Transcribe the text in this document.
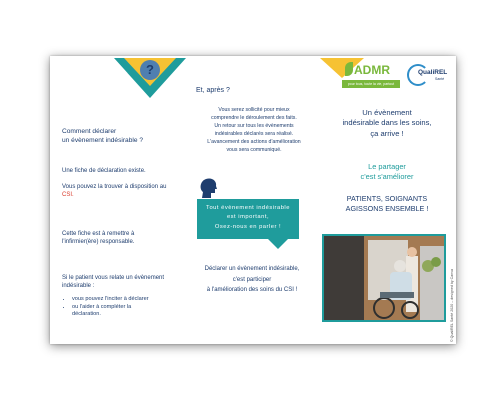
?
Comment déclarer
un évènement indésirable ?
Une fiche de déclaration existe.
Vous pouvez la trouver à disposition au
CSI.
Cette fiche est à remettre à
l'infirmier(ère) responsable.
Si le patient vous relate un évènement
indésirable :
• vous pouvez l'inciter à déclarer
• ou l'aider à compléter la
déclaration.
Et, après ?
Vous serez sollicité pour mieux
comprendre le déroulement des faits.
Un retour sur tous les évènements
indésirables déclarés sera réalisé.
L'avancement des actions d'amélioration
vous sera communiqué.
Tout évènement indésirable
est important,
Osez-nous en parler !
Déclarer un évènement indésirable,
c'est participer
à l'amélioration des soins du CSI !
ADMR
pour tous, toute la vie, partout
QualiREL
Santé
Un évènement
indésirable dans les soins,
ça arrive !
Le partager
c'est s'améliorer
PATIENTS, SOIGNANTS
AGISSONS ENSEMBLE !
© QualiREL Santé 2020 – designed by Canva
